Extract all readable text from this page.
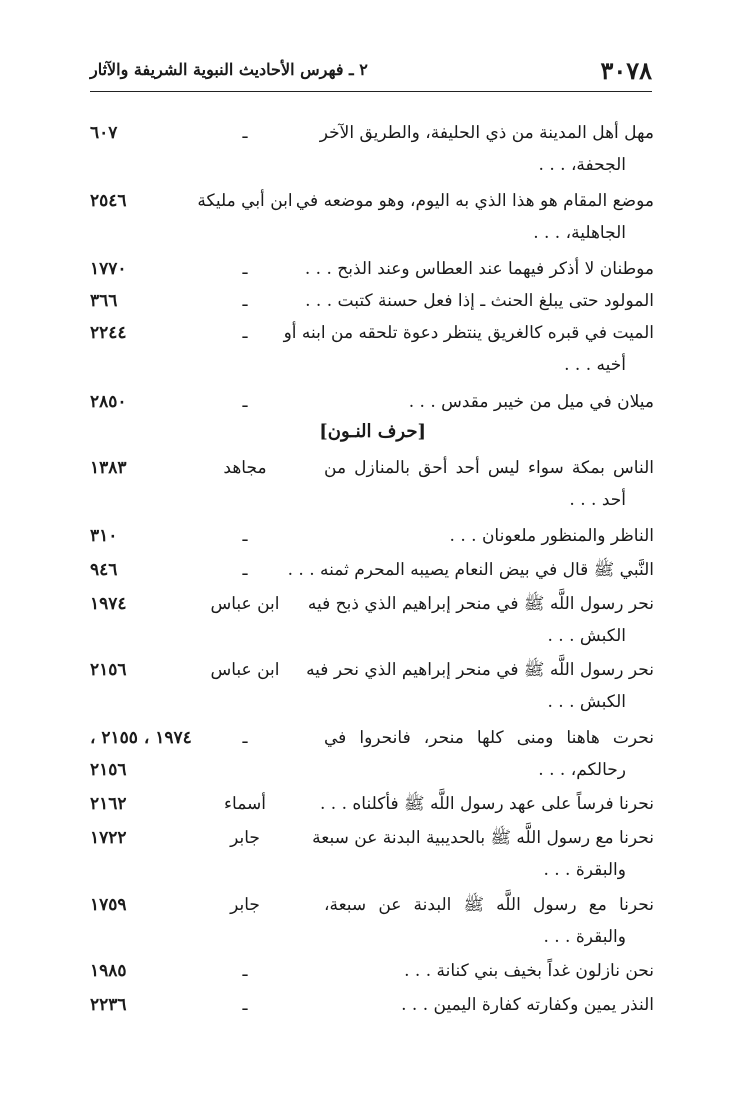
٣٠٧٨
٢ ـ فهرس الأحاديث النبوية الشريفة والآثار
مهل أهل المدينة من ذي الحليفة، والطريق الآخر
الجحفة، . . .
ـ
٦٠٧
موضع المقام هو هذا الذي به اليوم، وهو موضعه في
الجاهلية، . . .
ابن أبي مليكة
٢٥٤٦
موطنان لا أذكر فيهما عند العطاس وعند الذبح . . .
ـ
١٧٧٠
المولود حتى يبلغ الحنث ـ إذا فعل حسنة كتبت . . .
ـ
٣٦٦
الميت في قبره كالغريق ينتظر دعوة تلحقه من ابنه أو
أخيه . . .
ـ
٢٢٤٤
ميلان في ميل من خيبر مقدس . . .
ـ
٢٨٥٠
[حرف النـون]
الناس بمكة سواء ليس أحد أحق بالمنازل من
أحد . . .
مجاهد
١٣٨٣
الناظر والمنظور ملعونان . . .
ـ
٣١٠
النَّبي ﷺ قال في بيض النعام يصيبه المحرم ثمنه . . .
ـ
٩٤٦
نحر رسول اللَّه ﷺ في منحر إبراهيم الذي ذبح فيه
الكبش . . .
ابن عباس
١٩٧٤
نحر رسول اللَّه ﷺ في منحر إبراهيم الذي نحر فيه
الكبش . . .
ابن عباس
٢١٥٦
نحرت هاهنا ومنى كلها منحر، فانحروا في
رحالكم، . . .
ـ
١٩٧٤ ، ٢١٥٥ ،
٢١٥٦
نحرنا فرساً على عهد رسول اللَّه ﷺ فأكلناه . . .
أسماء
٢١٦٢
نحرنا مع رسول اللَّه ﷺ بالحديبية البدنة عن سبعة
والبقرة . . .
جابر
١٧٢٢
نحرنا مع رسول اللَّه ﷺ البدنة عن سبعة،
والبقرة . . .
جابر
١٧٥٩
نحن نازلون غداً بخيف بني كنانة . . .
ـ
١٩٨٥
النذر يمين وكفارته كفارة اليمين . . .
ـ
٢٢٣٦
